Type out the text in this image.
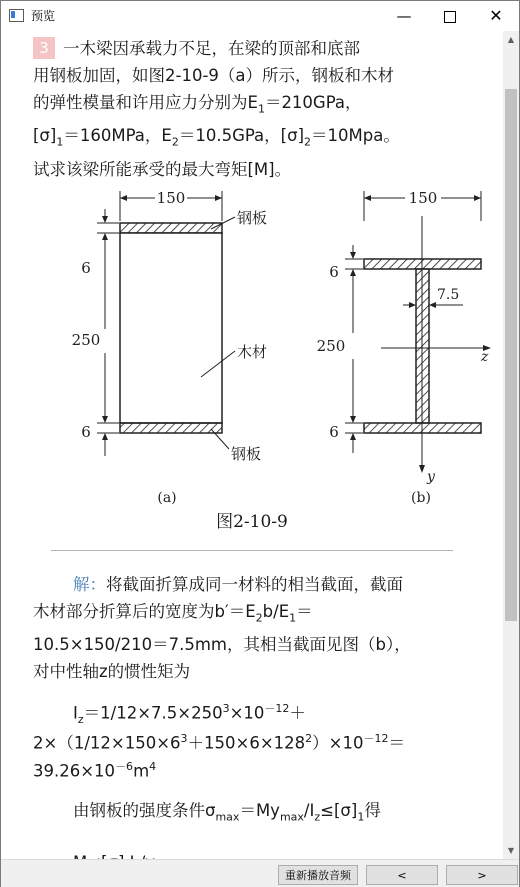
预览	—	✕
3 一木梁因承载力不足，在梁的顶部和底部
用钢板加固，如图2-10-9（a）所示，钢板和木材
的弹性模量和许用应力分别为$E_1=210GPa$，
$[\sigma]_1=160MPa$，$E_2=10.5GPa$，$[\sigma]_2=10Mpa$。
试求该梁所能承受的最大弯矩[M]。
150
6
250
6
钢板
木材
钢板
(a)
150
z
y
7.5
6
250
6
(b)
图2-10-9
解：将截面折算成同一材料的相当截面，截面
木材部分折算后的宽度为$b'=E_2b/E_1=$
10.5×150/210＝7.5mm，其相当截面见图（b），
对中性轴z的惯性矩为
$I_z=1/12\times 7.5\times 250^3\times 10^{-12}+$
$2\times(1/12\times 150\times 6^3+150\times 6\times 128^2)\times 10^{-12}=$
$39.26\times 10^{-6}m^4$
由钢板的强度条件$\sigma_{max}=My_{max}/I_z\le[\sigma]_1$得
▲
▼
重新播放音频	<	>
